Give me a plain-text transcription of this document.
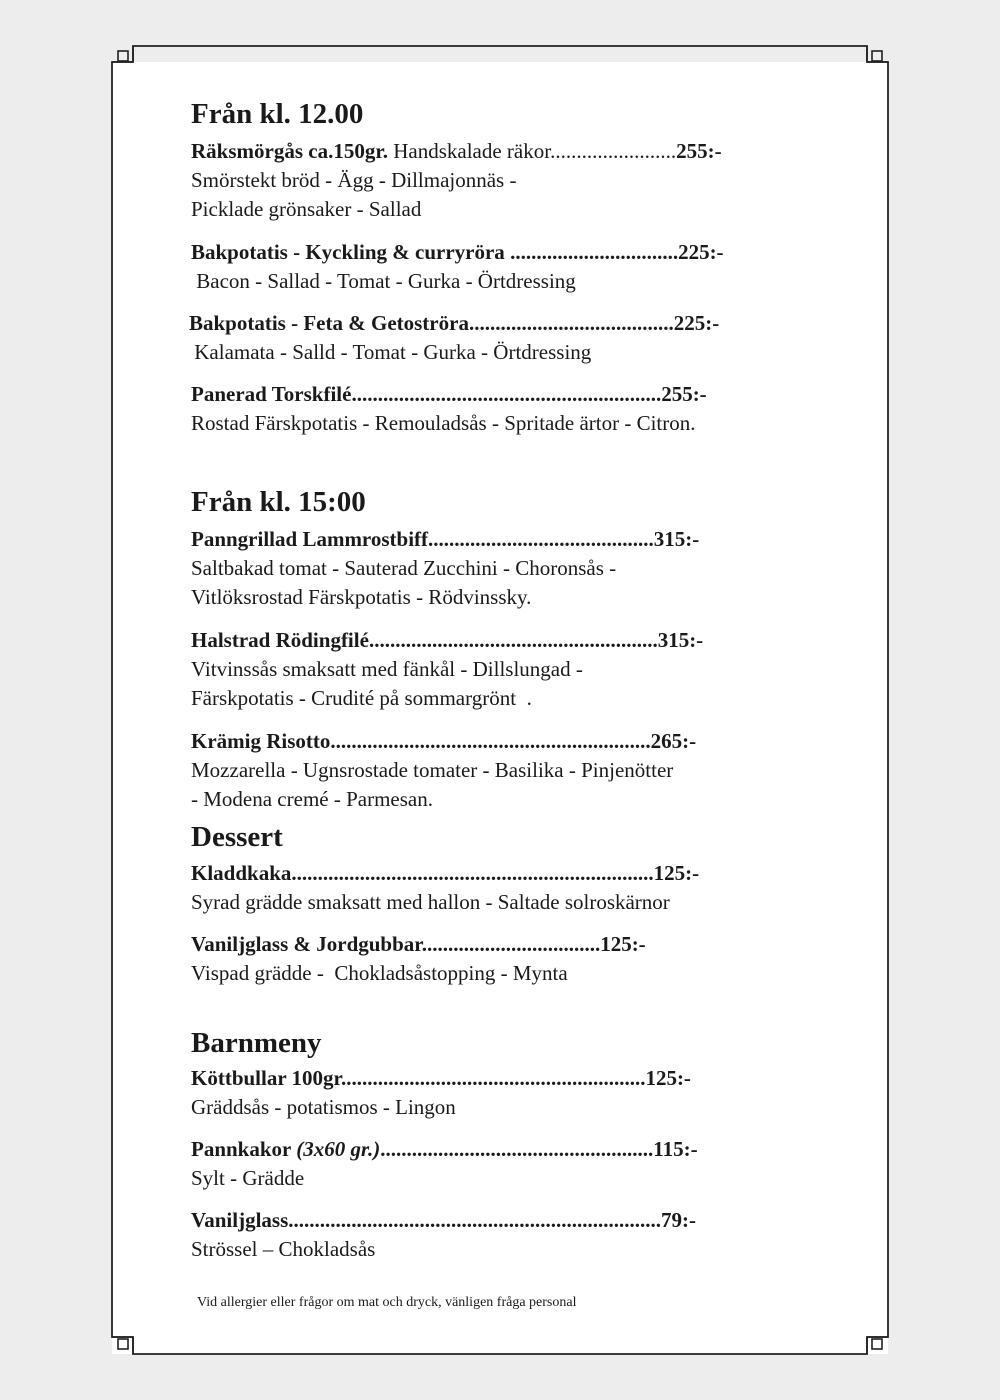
Från kl. 12.00
Räksmörgås ca.150gr. Handskalade räkor........................255:-
Smörstekt bröd - Ägg - Dillmajonnäs -
Picklade grönsaker - Sallad
Bakpotatis - Kyckling & curryröra ................................225:-
Bacon - Sallad - Tomat - Gurka - Örtdressing
Bakpotatis - Feta & Getoströra.......................................225:-
Kalamata - Salld - Tomat - Gurka - Örtdressing
Panerad Torskfilé...........................................................255:-
Rostad Färskpotatis - Remouladsås - Spritade ärtor - Citron.
Från kl. 15:00
Panngrillad Lammrostbiff...........................................315:-
Saltbakad tomat - Sauterad Zucchini - Choronsås -
Vitlöksrostad Färskpotatis - Rödvinssky.
Halstrad Rödingfilé.......................................................315:-
Vitvinssås smaksatt med fänkål - Dillslungad -
Färskpotatis - Crudité på sommargrönt  .
Krämig Risotto.............................................................265:-
Mozzarella - Ugnsrostade tomater - Basilika - Pinjenötter
- Modena cremé - Parmesan.
Dessert
Kladdkaka.....................................................................125:-
Syrad grädde smaksatt med hallon - Saltade solroskärnor
Vaniljglass & Jordgubbar..................................125:-
Vispad grädde -  Chokladsåstopping - Mynta
Barnmeny
Köttbullar 100gr..........................................................125:-
Gräddsås - potatismos - Lingon
Pannkakor (3x60 gr.)....................................................115:-
Sylt - Grädde
Vaniljglass.......................................................................79:-
Strössel – Chokladsås
Vid allergier eller frågor om mat och dryck, vänligen fråga personal
